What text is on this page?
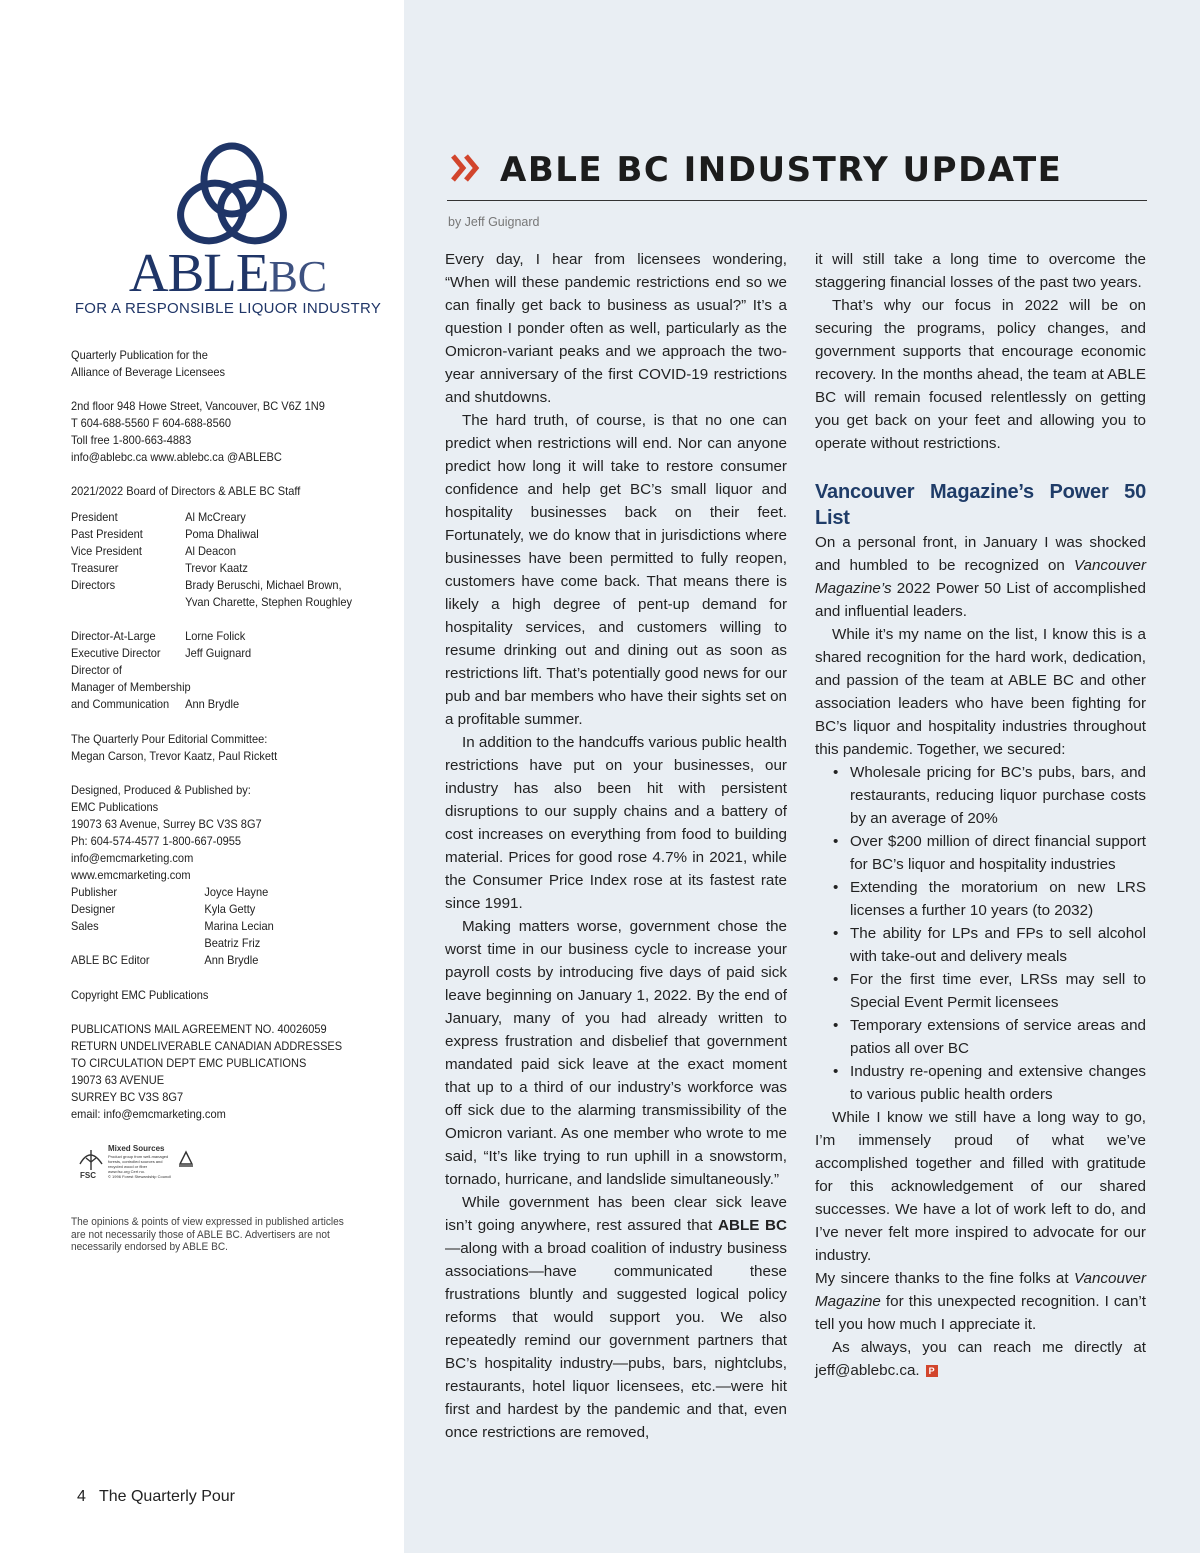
ABLEBC
FOR A RESPONSIBLE LIQUOR INDUSTRY
Quarterly Publication for the
Alliance of Beverage Licensees
2nd floor 948 Howe Street, Vancouver, BC V6Z 1N9
T 604-688-5560 F 604-688-8560
Toll free 1-800-663-4883
info@ablebc.ca www.ablebc.ca @ABLEBC
2021/2022 Board of Directors & ABLE BC Staff
President	Al McCreary
Past President	Poma Dhaliwal
Vice President	Al Deacon
Treasurer	Trevor Kaatz
Directors	Brady Beruschi, Michael Brown,
Yvan Charette, Stephen Roughley
Director-At-Large	Lorne Folick
Executive Director	Jeff Guignard
Director of
Manager of Membership
and Communication	Ann Brydle
The Quarterly Pour Editorial Committee:
Megan Carson, Trevor Kaatz, Paul Rickett
Designed, Produced & Published by:
EMC Publications
19073 63 Avenue, Surrey BC V3S 8G7
Ph: 604-574-4577 1-800-667-0955
info@emcmarketing.com
www.emcmarketing.com
Publisher	Joyce Hayne
Designer	Kyla Getty
Sales	Marina Lecian
Beatriz Friz
ABLE BC Editor	Ann Brydle
Copyright EMC Publications
PUBLICATIONS MAIL AGREEMENT NO. 40026059
RETURN UNDELIVERABLE CANADIAN ADDRESSES
TO CIRCULATION DEPT EMC PUBLICATIONS
19073 63 AVENUE
SURREY BC V3S 8G7
email: info@emcmarketing.com
FSC
Mixed Sources
Product group from well-managed
forests, controlled sources and
recycled wood or fiber
www.fsc.org Cert no.
© 1996 Forest Stewardship Council
The opinions & points of view expressed in published articles are not necessarily those of ABLE BC. Advertisers are not necessarily endorsed by ABLE BC.
4 The Quarterly Pour
ABLE BC INDUSTRY UPDATE
by Jeff Guignard

Every day, I hear from licensees wondering, “When will these pandemic restrictions end so we can finally get back to business as usual?” It’s a question I ponder often as well, particularly as the Omicron-variant peaks and we approach the two-year anniversary of the first COVID-19 restrictions and shutdowns.

The hard truth, of course, is that no one can predict when restrictions will end. Nor can anyone predict how long it will take to restore consumer confidence and help get BC’s small liquor and hospitality businesses back on their feet. Fortunately, we do know that in jurisdictions where businesses have been permitted to fully reopen, customers have come back. That means there is likely a high degree of pent-up demand for hospitality services, and customers willing to resume drinking out and dining out as soon as restrictions lift. That’s potentially good news for our pub and bar members who have their sights set on a profitable summer.

In addition to the handcuffs various public health restrictions have put on your businesses, our industry has also been hit with persistent disruptions to our supply chains and a battery of cost increases on everything from food to building material. Prices for good rose 4.7% in 2021, while the Consumer Price Index rose at its fastest rate since 1991.

Making matters worse, government chose the worst time in our business cycle to increase your payroll costs by introducing five days of paid sick leave beginning on January 1, 2022. By the end of January, many of you had already written to express frustration and disbelief that government mandated paid sick leave at the exact moment that up to a third of our industry’s workforce was off sick due to the alarming transmissibility of the Omicron variant. As one member who wrote to me said, “It’s like trying to run uphill in a snowstorm, tornado, hurricane, and landslide simultaneously.”

While government has been clear sick leave isn’t going anywhere, rest assured that ABLE BC—along with a broad coalition of industry business associations—have communicated these frustrations bluntly and suggested logical policy reforms that would support you. We also repeatedly remind our government partners that BC’s hospitality industry—pubs, bars, nightclubs, restaurants, hotel liquor licensees, etc.—were hit first and hardest by the pandemic and that, even once restrictions are removed,

it will still take a long time to overcome the staggering financial losses of the past two years.

That’s why our focus in 2022 will be on securing the programs, policy changes, and government supports that encourage economic recovery. In the months ahead, the team at ABLE BC will remain focused relentlessly on getting you get back on your feet and allowing you to operate without restrictions.

Vancouver Magazine’s Power 50 List

On a personal front, in January I was shocked and humbled to be recognized on Vancouver Magazine’s 2022 Power 50 List of accomplished and influential leaders.

While it’s my name on the list, I know this is a shared recognition for the hard work, dedication, and passion of the team at ABLE BC and other association leaders who have been fighting for BC’s liquor and hospitality industries throughout this pandemic. Together, we secured:

• Wholesale pricing for BC’s pubs, bars, and restaurants, reducing liquor purchase costs by an average of 20%
• Over $200 million of direct financial support for BC’s liquor and hospitality industries
• Extending the moratorium on new LRS licenses a further 10 years (to 2032)
• The ability for LPs and FPs to sell alcohol with take-out and delivery meals
• For the first time ever, LRSs may sell to Special Event Permit licensees
• Temporary extensions of service areas and patios all over BC
• Industry re-opening and extensive changes to various public health orders

While I know we still have a long way to go, I’m immensely proud of what we’ve accomplished together and filled with gratitude for this acknowledgement of our shared successes. We have a lot of work left to do, and I’ve never felt more inspired to advocate for our industry.

My sincere thanks to the fine folks at Vancouver Magazine for this unexpected recognition. I can’t tell you how much I appreciate it.

As always, you can reach me directly at jeff@ablebc.ca. P
